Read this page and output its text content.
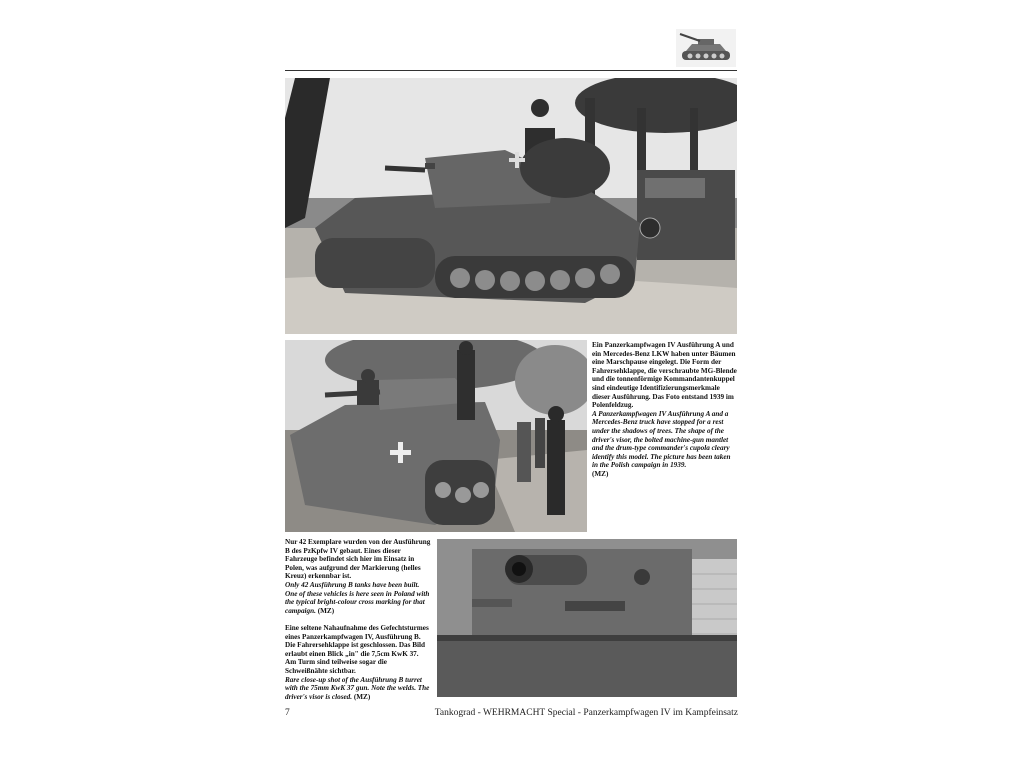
Ein Panzerkampfwagen IV Ausführung A und ein Mercedes-Benz LKW haben unter Bäumen eine Marschpause eingelegt. Die Form der Fahrersehklappe, die verschraubte MG-Blende und die tonnenförmige Kommandantenkuppel sind eindeutige Identifizierungsmerkmale dieser Ausführung. Das Foto entstand 1939 im Polenfeldzug.

A Panzerkampfwagen IV Ausführung A and a Mercedes-Benz truck have stopped for a rest under the shadows of trees. The shape of the driver's visor, the bolted machine-gun mantlet and the drum-type commander's cupola cleary identify this model. The picture has been taken in the Polish campaign in 1939.

(MZ)

Nur 42 Exemplare wurden von der Ausführung B des PzKpfw IV gebaut. Eines dieser Fahrzeuge befindet sich hier im Einsatz in Polen, was aufgrund der Markierung (helles Kreuz) erkennbar ist.

Only 42 Ausführung B tanks have been built. One of these vehicles is here seen in Poland with the typical bright-colour cross marking for that campaign. (MZ)

Eine seltene Nahaufnahme des Gefechtsturmes eines Panzerkampfwagen IV, Ausführung B. Die Fahrersehklappe ist geschlossen. Das Bild erlaubt einen Blick „in" die 7,5cm KwK 37. Am Turm sind teilweise sogar die Schweißnähte sichtbar.

Rare close-up shot of the Ausführung B turret with the 75mm KwK 37 gun. Note the welds. The driver's visor is closed. (MZ)

7	Tankograd - WEHRMACHT Special - Panzerkampfwagen IV im Kampfeinsatz
